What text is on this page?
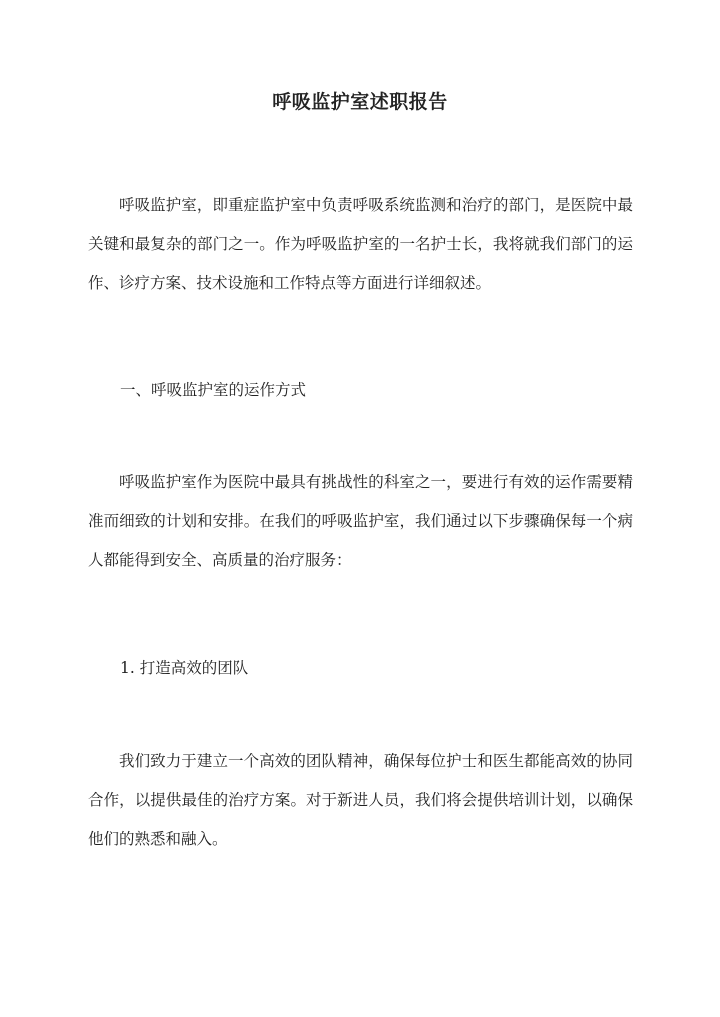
呼吸监护室述职报告

呼吸监护室，即重症监护室中负责呼吸系统监测和治疗的部门，是医院中最关键和最复杂的部门之一。作为呼吸监护室的一名护士长，我将就我们部门的运作、诊疗方案、技术设施和工作特点等方面进行详细叙述。

一、呼吸监护室的运作方式

呼吸监护室作为医院中最具有挑战性的科室之一，要进行有效的运作需要精准而细致的计划和安排。在我们的呼吸监护室，我们通过以下步骤确保每一个病人都能得到安全、高质量的治疗服务：

1. 打造高效的团队

我们致力于建立一个高效的团队精神，确保每位护士和医生都能高效的协同合作，以提供最佳的治疗方案。对于新进人员，我们将会提供培训计划，以确保他们的熟悉和融入。
